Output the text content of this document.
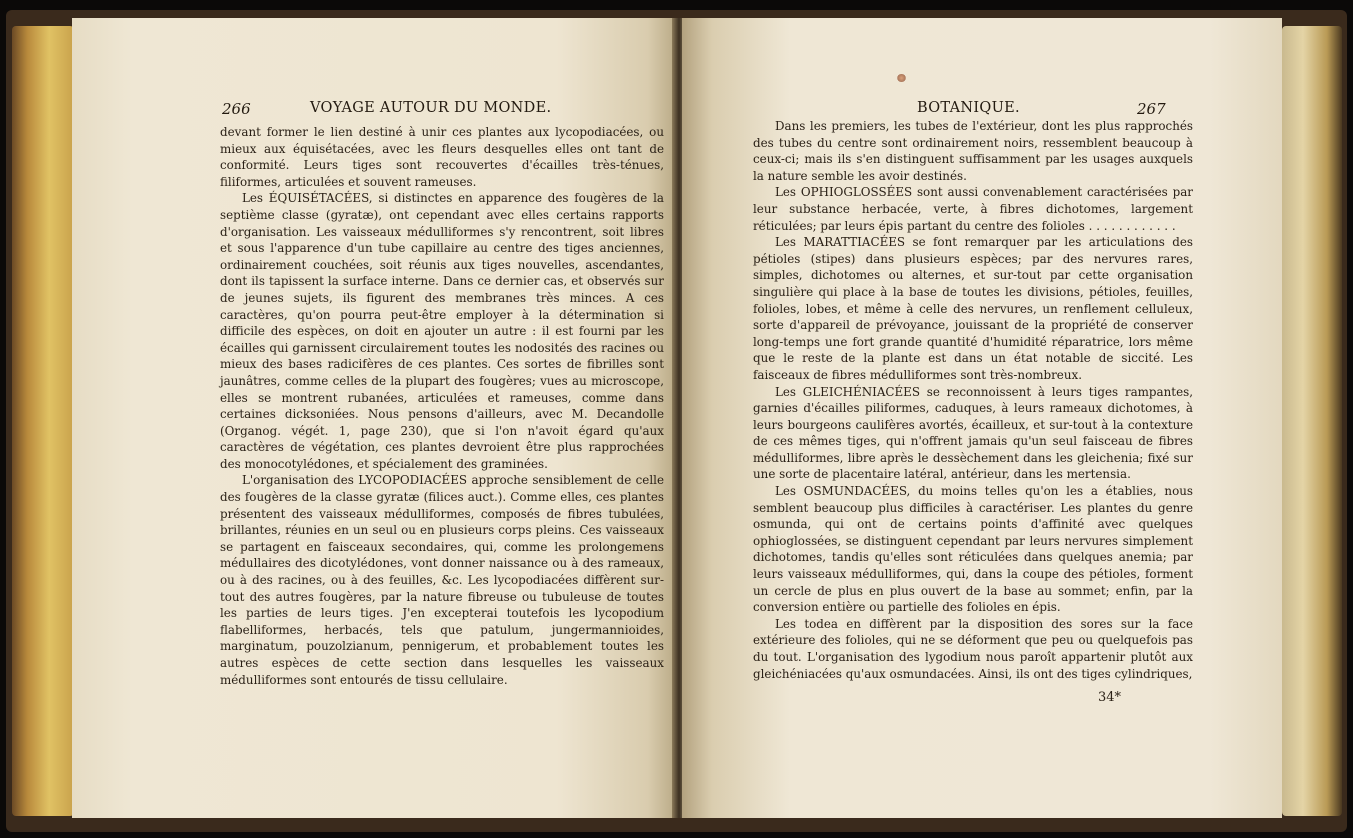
266	VOYAGE AUTOUR DU MONDE.

devant former le lien destiné à unir ces plantes aux lycopodiacées, ou mieux aux équisétacées, avec les fleurs desquelles elles ont tant de conformité. Leurs tiges sont recouvertes d'écailles très-ténues, filiformes, articulées et souvent rameuses.

Les ÉQUISÉTACÉES, si distinctes en apparence des fougères de la septième classe (gyratæ), ont cependant avec elles certains rapports d'organisation. Les vaisseaux médulliformes s'y rencontrent, soit libres et sous l'apparence d'un tube capillaire au centre des tiges anciennes, ordinairement couchées, soit réunis aux tiges nouvelles, ascendantes, dont ils tapissent la surface interne. Dans ce dernier cas, et observés sur de jeunes sujets, ils figurent des membranes très minces. A ces caractères, qu'on pourra peut-être employer à la détermination si difficile des espèces, on doit en ajouter un autre : il est fourni par les écailles qui garnissent circulairement toutes les nodosités des racines ou mieux des bases radicifères de ces plantes. Ces sortes de fibrilles sont jaunâtres, comme celles de la plupart des fougères; vues au microscope, elles se montrent rubanées, articulées et rameuses, comme dans certaines dicksoniées. Nous pensons d'ailleurs, avec M. Decandolle (Organog. végét. 1, page 230), que si l'on n'avoit égard qu'aux caractères de végétation, ces plantes devroient être plus rapprochées des monocotylédones, et spécialement des graminées.

L'organisation des LYCOPODIACÉES approche sensiblement de celle des fougères de la classe gyratæ (filices auct.). Comme elles, ces plantes présentent des vaisseaux médulliformes, composés de fibres tubulées, brillantes, réunies en un seul ou en plusieurs corps pleins. Ces vaisseaux se partagent en faisceaux secondaires, qui, comme les prolongemens médullaires des dicotylédones, vont donner naissance ou à des rameaux, ou à des racines, ou à des feuilles, &c. Les lycopodiacées diffèrent sur-tout des autres fougères, par la nature fibreuse ou tubuleuse de toutes les parties de leurs tiges. J'en excepterai toutefois les lycopodium flabelliformes, herbacés, tels que patulum, jungermannioides, marginatum, pouzolzianum, pennigerum, et probablement toutes les autres espèces de cette section dans lesquelles les vaisseaux médulliformes sont entourés de tissu cellulaire.

BOTANIQUE.	267

Dans les premiers, les tubes de l'extérieur, dont les plus rapprochés des tubes du centre sont ordinairement noirs, ressemblent beaucoup à ceux-ci; mais ils s'en distinguent suffisamment par les usages auxquels la nature semble les avoir destinés.

Les OPHIOGLOSSÉES sont aussi convenablement caractérisées par leur substance herbacée, verte, à fibres dichotomes, largement réticulées; par leurs épis partant du centre des folioles . . . . . . . . . . . .

Les MARATTIACÉES se font remarquer par les articulations des pétioles (stipes) dans plusieurs espèces; par des nervures rares, simples, dichotomes ou alternes, et sur-tout par cette organisation singulière qui place à la base de toutes les divisions, pétioles, feuilles, folioles, lobes, et même à celle des nervures, un renflement celluleux, sorte d'appareil de prévoyance, jouissant de la propriété de conserver long-temps une fort grande quantité d'humidité réparatrice, lors même que le reste de la plante est dans un état notable de siccité. Les faisceaux de fibres médulliformes sont très-nombreux.

Les GLEICHÉNIACÉES se reconnoissent à leurs tiges rampantes, garnies d'écailles piliformes, caduques, à leurs rameaux dichotomes, à leurs bourgeons caulifères avortés, écailleux, et sur-tout à la contexture de ces mêmes tiges, qui n'offrent jamais qu'un seul faisceau de fibres médulliformes, libre après le dessèchement dans les gleichenia; fixé sur une sorte de placentaire latéral, antérieur, dans les mertensia.

Les OSMUNDACÉES, du moins telles qu'on les a établies, nous semblent beaucoup plus difficiles à caractériser. Les plantes du genre osmunda, qui ont de certains points d'affinité avec quelques ophioglossées, se distinguent cependant par leurs nervures simplement dichotomes, tandis qu'elles sont réticulées dans quelques anemia; par leurs vaisseaux médulliformes, qui, dans la coupe des pétioles, forment un cercle de plus en plus ouvert de la base au sommet; enfin, par la conversion entière ou partielle des folioles en épis.

Les todea en diffèrent par la disposition des sores sur la face extérieure des folioles, qui ne se déforment que peu ou quelquefois pas du tout. L'organisation des lygodium nous paroît appartenir plutôt aux gleichéniacées qu'aux osmundacées. Ainsi, ils ont des tiges cylindriques,

34*
